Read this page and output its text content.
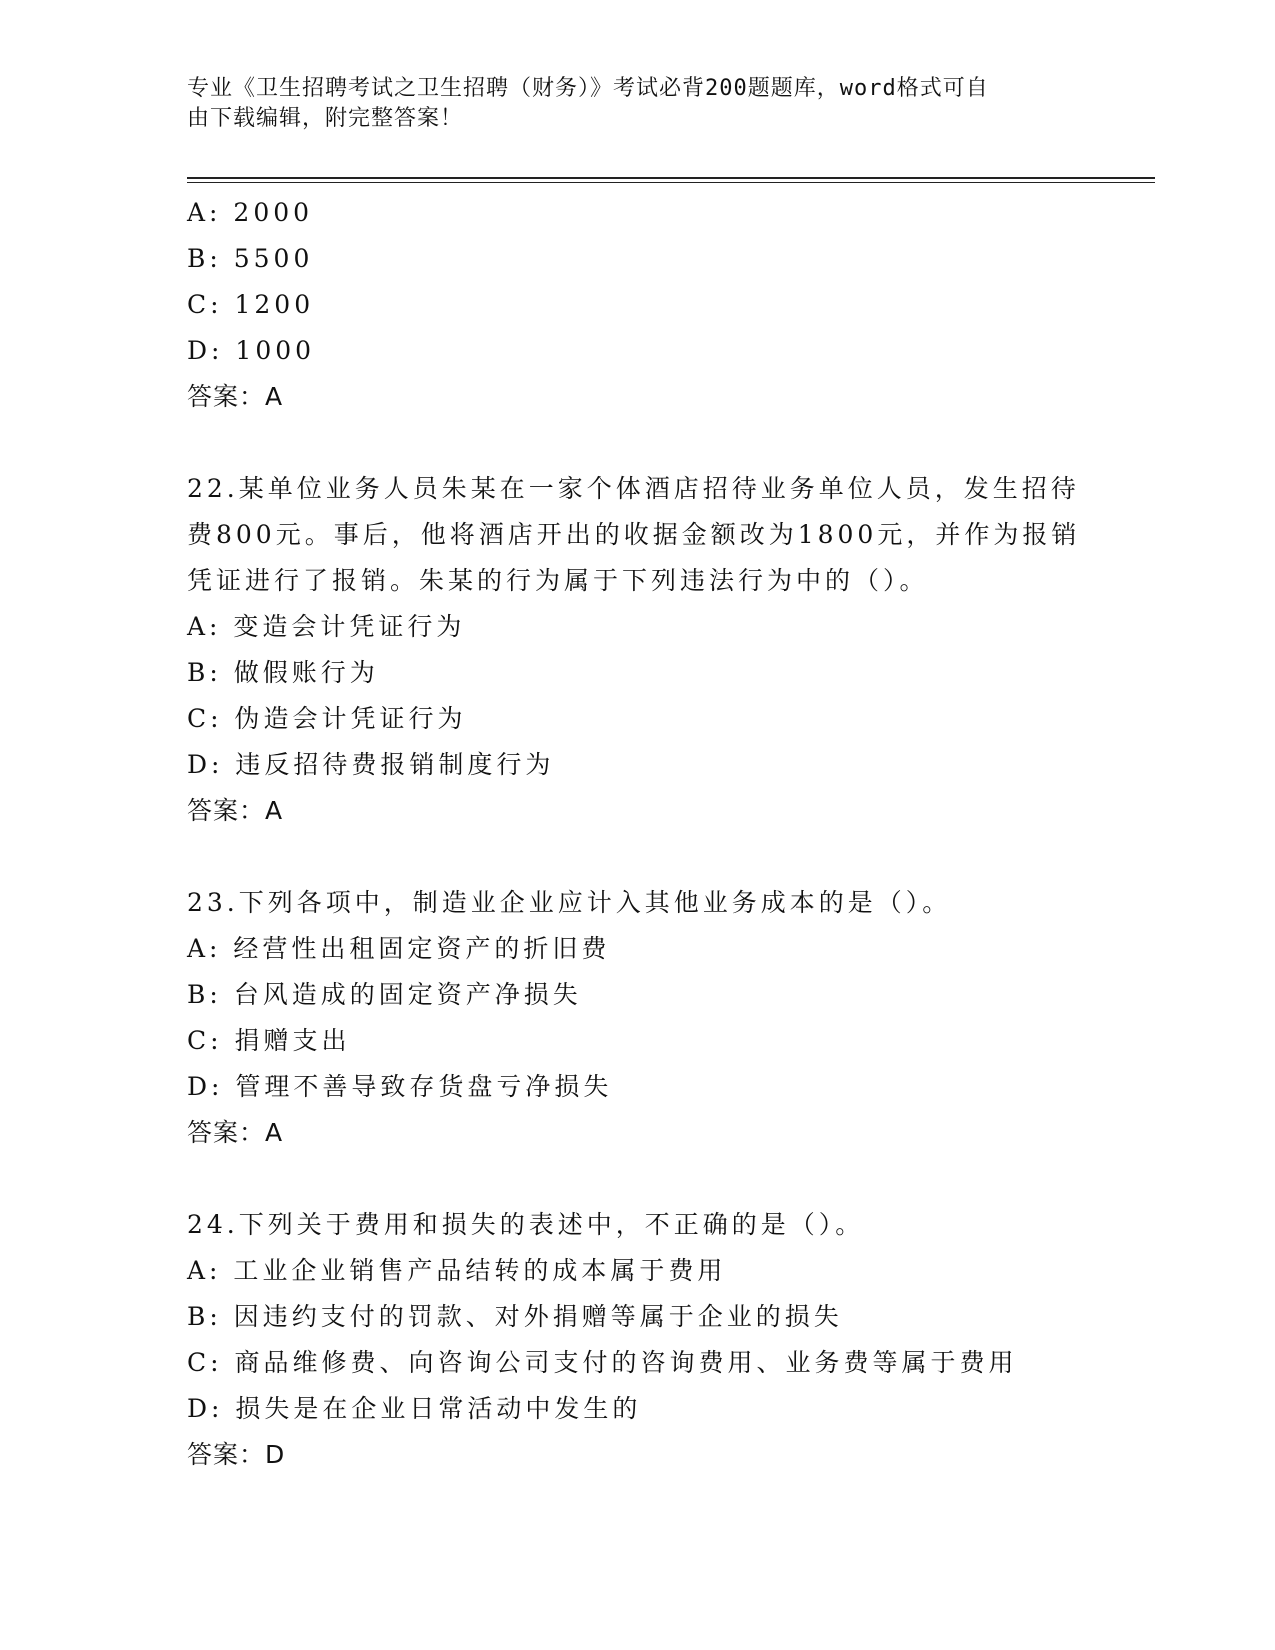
专业《卫生招聘考试之卫生招聘（财务）》考试必背200题题库，word格式可自
由下载编辑，附完整答案！
A: 2000
B: 5500
C: 1200
D: 1000
答案：A
22.某单位业务人员朱某在一家个体酒店招待业务单位人员，发生招待
费800元。事后，他将酒店开出的收据金额改为1800元，并作为报销
凭证进行了报销。朱某的行为属于下列违法行为中的（）。
A: 变造会计凭证行为
B: 做假账行为
C: 伪造会计凭证行为
D: 违反招待费报销制度行为
答案：A
23.下列各项中，制造业企业应计入其他业务成本的是（）。
A: 经营性出租固定资产的折旧费
B: 台风造成的固定资产净损失
C: 捐赠支出
D: 管理不善导致存货盘亏净损失
答案：A
24.下列关于费用和损失的表述中，不正确的是（）。
A: 工业企业销售产品结转的成本属于费用
B: 因违约支付的罚款、对外捐赠等属于企业的损失
C: 商品维修费、向咨询公司支付的咨询费用、业务费等属于费用
D: 损失是在企业日常活动中发生的
答案：D
